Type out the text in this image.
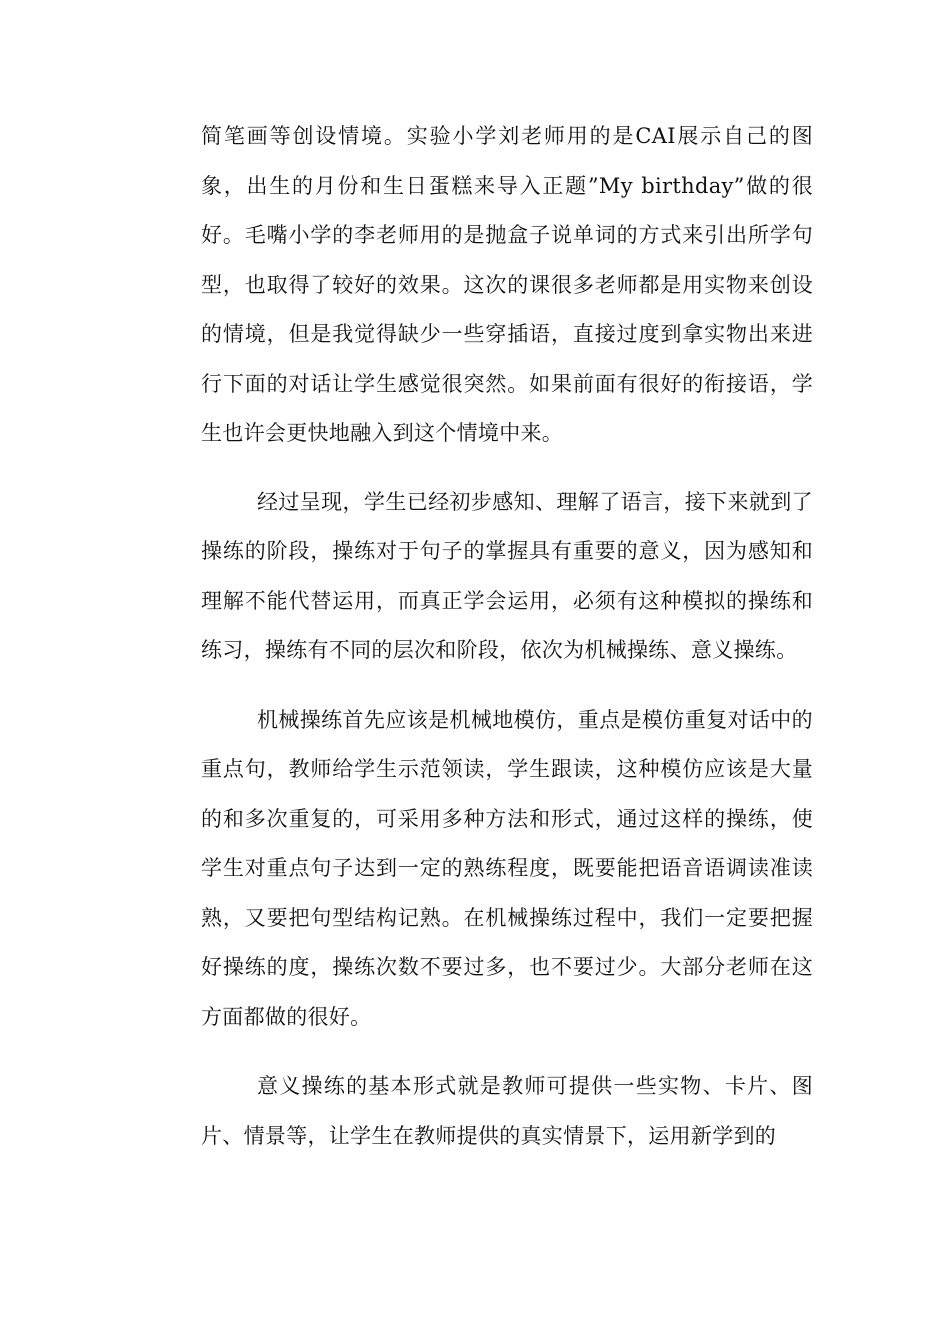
简笔画等创设情境。实验小学刘老师用的是CAI展示自己的图象，出生的月份和生日蛋糕来导入正题”My birthday”做的很好。毛嘴小学的李老师用的是抛盒子说单词的方式来引出所学句型，也取得了较好的效果。这次的课很多老师都是用实物来创设的情境，但是我觉得缺少一些穿插语，直接过度到拿实物出来进行下面的对话让学生感觉很突然。如果前面有很好的衔接语，学生也许会更快地融入到这个情境中来。

经过呈现，学生已经初步感知、理解了语言，接下来就到了操练的阶段，操练对于句子的掌握具有重要的意义，因为感知和理解不能代替运用，而真正学会运用，必须有这种模拟的操练和练习，操练有不同的层次和阶段，依次为机械操练、意义操练。

机械操练首先应该是机械地模仿，重点是模仿重复对话中的重点句，教师给学生示范领读，学生跟读，这种模仿应该是大量的和多次重复的，可采用多种方法和形式，通过这样的操练，使学生对重点句子达到一定的熟练程度，既要能把语音语调读准读熟，又要把句型结构记熟。在机械操练过程中，我们一定要把握好操练的度，操练次数不要过多，也不要过少。大部分老师在这方面都做的很好。

意义操练的基本形式就是教师可提供一些实物、卡片、图片、情景等，让学生在教师提供的真实情景下，运用新学到的
